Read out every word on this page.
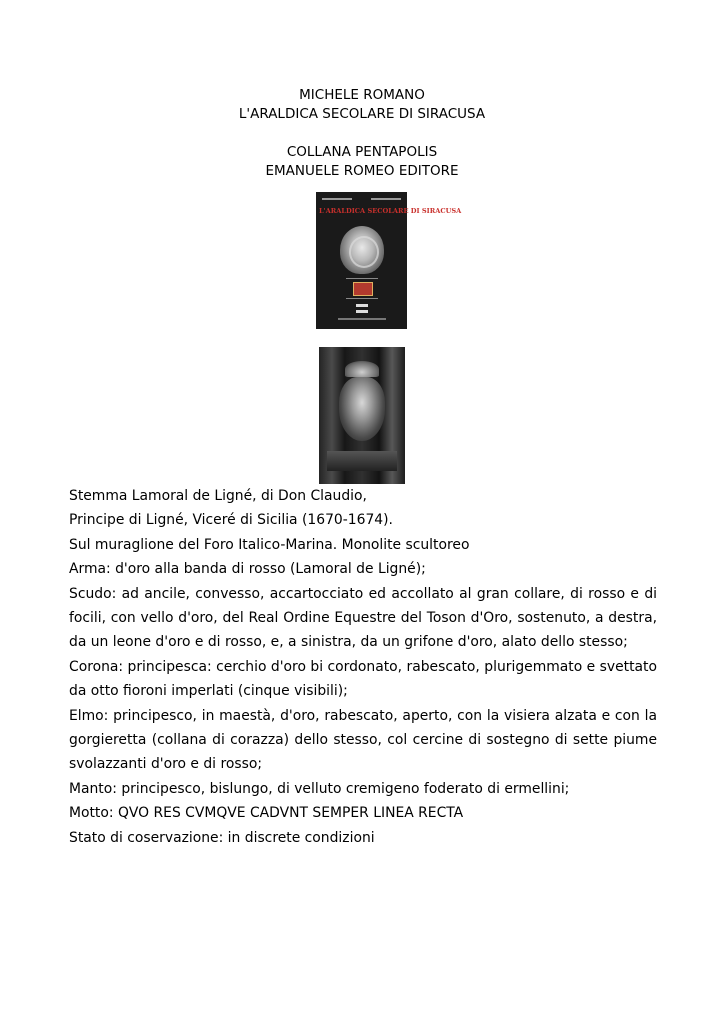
MICHELE ROMANO
L'ARALDICA SECOLARE DI SIRACUSA
COLLANA PENTAPOLIS
EMANUELE ROMEO EDITORE
L'ARALDICA SECOLARE DI SIRACUSA

Stemma Lamoral de Ligné, di Don Claudio,

Principe di Ligné, Viceré di Sicilia (1670-1674).

Sul muraglione del Foro Italico-Marina. Monolite scultoreo

Arma: d'oro alla banda di rosso (Lamoral de Ligné);

Scudo: ad ancile, convesso, accartocciato ed accollato al gran collare, di rosso e di focili, con vello d'oro, del Real Ordine Equestre del Toson d'Oro, sostenuto, a destra, da un leone d'oro e di rosso, e, a sinistra, da un grifone d'oro, alato dello stesso;

Corona: principesca: cerchio d'oro bi cordonato, rabescato, plurigemmato e svettato da otto fioroni imperlati (cinque visibili);

Elmo: principesco, in maestà, d'oro, rabescato, aperto, con la visiera alzata e con la gorgieretta (collana di corazza) dello stesso, col cercine di sostegno di sette piume svolazzanti d'oro e di rosso;

Manto: principesco, bislungo, di velluto cremigeno foderato di ermellini;

Motto: QVO RES CVMQVE CADVNT SEMPER LINEA RECTA

Stato di coservazione: in discrete condizioni
